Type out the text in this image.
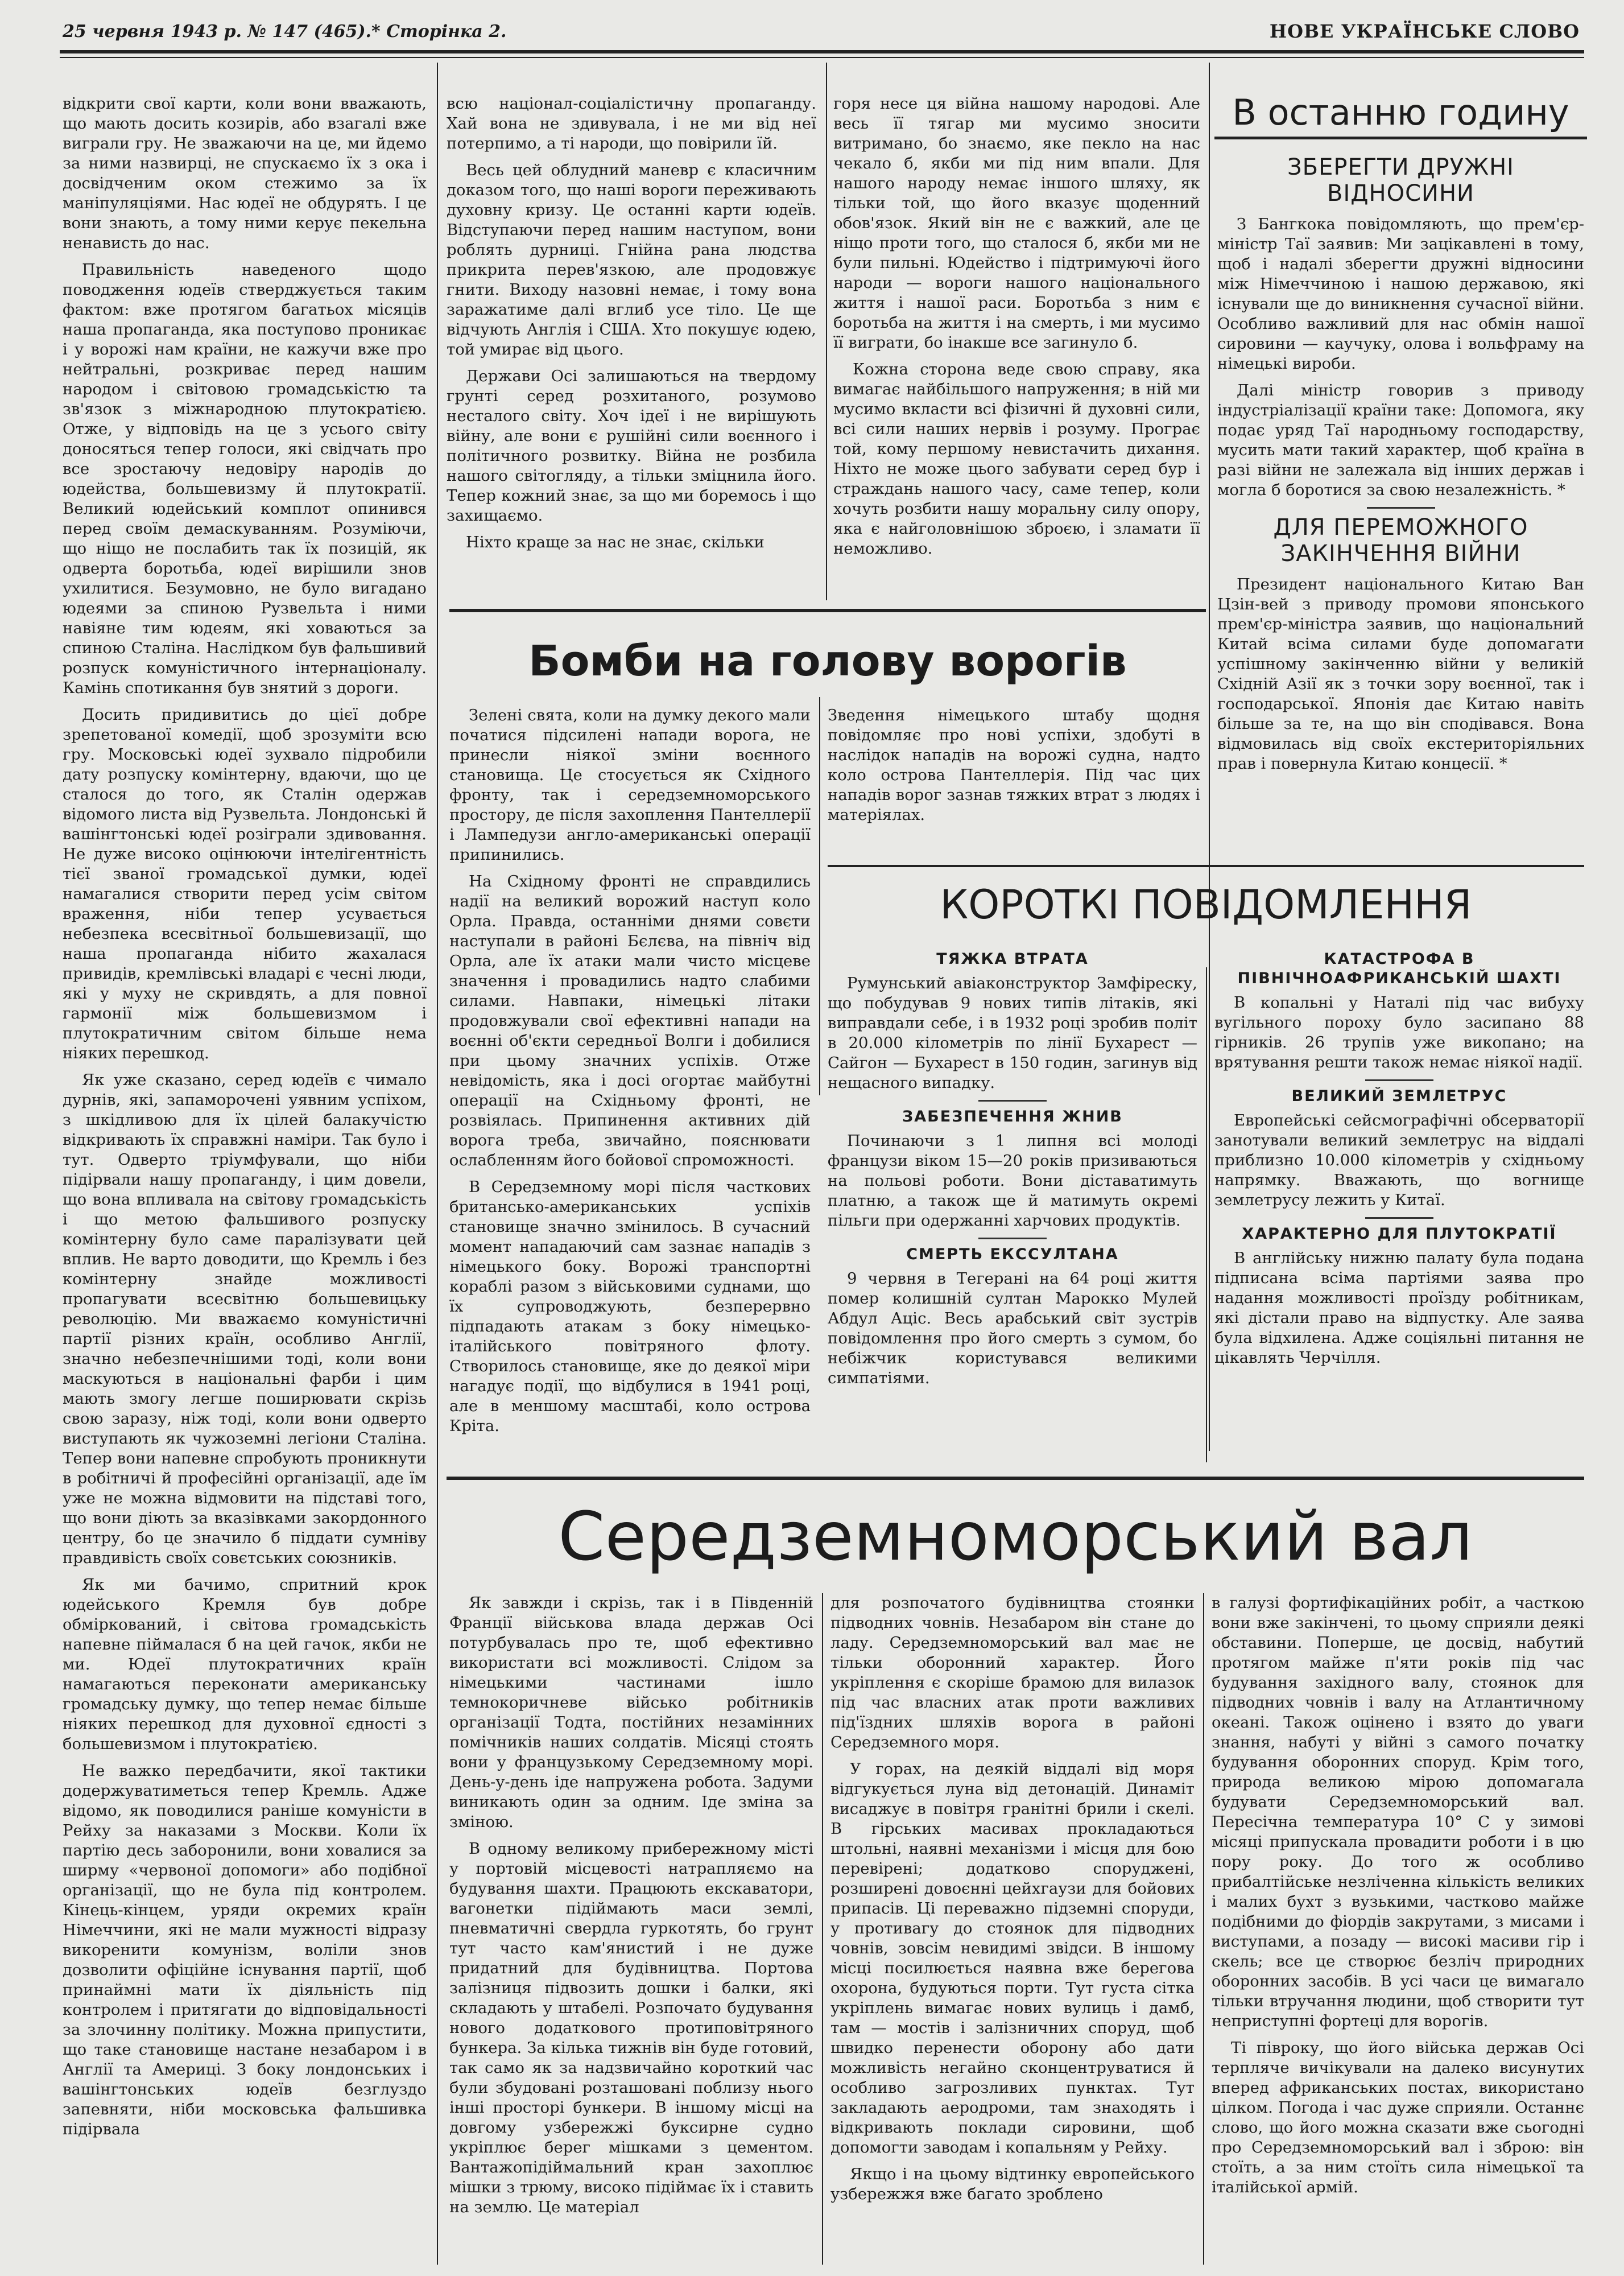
25 червня 1943 р. № 147 (465).* Сторінка 2.	НОВЕ УКРАЇНСЬКЕ СЛОВО

відкрити свої карти, коли вони вважають, що мають досить козирів, або взагалі вже виграли гру. Не зважаючи на це, ми йдемо за ними назвирці, не спускаємо їх з ока і досвідченим оком стежимо за їх маніпуляціями. Нас юдеї не обдурять. І це вони знають, а тому ними керує пекельна ненависть до нас.

Правильність наведеного щодо поводження юдеїв стверджується таким фактом: вже протягом багатьох місяців наша пропаганда, яка поступово проникає і у ворожі нам країни, не кажучи вже про нейтральні, розкриває перед нашим народом і світовою громадськістю та зв'язок з міжнародною плутократією. Отже, у відповідь на це з усього світу доносяться тепер голоси, які свідчать про все зростаючу недовіру народів до юдейства, большевизму й плутократії. Великий юдейський комплот опинився перед своїм демаскуванням. Розуміючи, що ніщо не послабить так їх позицій, як одверта боротьба, юдеї вирішили знов ухилитися. Безумовно, не було вигадано юдеями за спиною Рузвельта і ними навіяне тим юдеям, які ховаються за спиною Сталіна. Наслідком був фальшивий розпуск комуністичного інтернаціоналу. Камінь спотикання був знятий з дороги.

Досить придивитись до цієї добре зрепетованої комедії, щоб зрозуміти всю гру. Московські юдеї зухвало підробили дату розпуску комінтерну, вдаючи, що це сталося до того, як Сталін одержав відомого листа від Рузвельта. Лондонські й вашінгтонські юдеї розіграли здивовання. Не дуже високо оцінюючи інтелігентність тієї званої громадської думки, юдеї намагалися створити перед усім світом враження, ніби тепер усувається небезпека всесвітньої большевизації, що наша пропаганда нібито жахалася привидів, кремлівські владарі є чесні люди, які у муху не скривдять, а для повної гармонії між большевизмом і плутократичним світом більше нема ніяких перешкод.

Як уже сказано, серед юдеїв є чимало дурнів, які, запаморочені уявним успіхом, з шкідливою для їх цілей балакучістю відкривають їх справжні наміри. Так було і тут. Одверто тріумфували, що ніби підірвали нашу пропаганду, і цим довели, що вона впливала на світову громадськість і що метою фальшивого розпуску комінтерну було саме паралізувати цей вплив. Не варто доводити, що Кремль і без комінтерну знайде можливості пропагувати всесвітню большевицьку революцію. Ми вважаємо комуністичні партії різних країн, особливо Англії, значно небезпечнішими тоді, коли вони маскуються в національні фарби і цим мають змогу легше поширювати скрізь свою заразу, ніж тоді, коли вони одверто виступають як чужоземні легіони Сталіна. Тепер вони напевне спробують проникнути в робітничі й професійні організації, аде їм уже не можна відмовити на підставі того, що вони діють за вказівками закордонного центру, бо це значило б піддати сумніву правдивість своїх совєтських союзників.

Як ми бачимо, спритний крок юдейського Кремля був добре обміркований, і світова громадськість напевне піймалася б на цей гачок, якби не ми. Юдеї плутократичних країн намагаються переконати американську громадську думку, що тепер немає більше ніяких перешкод для духовної єдності з большевизмом і плутократією.

Не важко передбачити, якої тактики додержуватиметься тепер Кремль. Адже відомо, як поводилися раніше комуністи в Рейху за наказами з Москви. Коли їх партію десь заборонили, вони ховалися за ширму «червоної допомоги» або подібної організації, що не була під контролем. Кінець-кінцем, уряди окремих країн Німеччини, які не мали мужності відразу викоренити комунізм, воліли знов дозволити офіційне існування партії, щоб принаймні мати їх діяльність під контролем і притягати до відповідальності за злочинну політику. Можна припустити, що таке становище настане незабаром і в Англії та Америці. З боку лондонських і вашінгтонських юдеїв безглуздо запевняти, ніби московська фальшивка підірвала

всю націонал-соціалістичну пропаганду. Хай вона не здивувала, і не ми від неї потерпимо, а ті народи, що повірили їй.

Весь цей облудний маневр є класичним доказом того, що наші вороги переживають духовну кризу. Це останні карти юдеїв. Відступаючи перед нашим наступом, вони роблять дурниці. Гнійна рана людства прикрита перев'язкою, але продовжує гнити. Виходу назовні немає, і тому вона заражатиме далі вглиб усе тіло. Це ще відчують Англія і США. Хто покушує юдею, той умирає від цього.

Держави Осі залишаються на твердому грунті серед розхитаного, розумово несталого світу. Хоч ідеї і не вирішують війну, але вони є рушійні сили воєнного і політичного розвитку. Війна не розбила нашого світогляду, а тільки зміцнила його. Тепер кожний знає, за що ми боремось і що захищаємо.

Ніхто краще за нас не знає, скільки

горя несе ця війна нашому народові. Але весь її тягар ми мусимо зносити витримано, бо знаємо, яке пекло на нас чекало б, якби ми під ним впали. Для нашого народу немає іншого шляху, як тільки той, що його вказує щоденний обов'язок. Який він не є важкий, але це ніщо проти того, що сталося б, якби ми не були пильні. Юдейство і підтримуючі його народи — вороги нашого національного життя і нашої раси. Боротьба з ним є боротьба на життя і на смерть, і ми мусимо її виграти, бо інакше все загинуло б.

Кожна сторона веде свою справу, яка вимагає найбільшого напруження; в ній ми мусимо вкласти всі фізичні й духовні сили, всі сили наших нервів і розуму. Програє той, кому першому невистачить дихання. Ніхто не може цього забувати серед бур і страждань нашого часу, саме тепер, коли хочуть розбити нашу моральну силу опору, яка є найголовнішою зброєю, і зламати її неможливо.

В останню годину
ЗБЕРЕГТИ ДРУЖНІ ВІДНОСИНИ

З Бангкока повідомляють, що прем'єр-міністр Таї заявив: Ми зацікавлені в тому, щоб і надалі зберегти дружні відносини між Німеччиною і нашою державою, які існували ще до виникнення сучасної війни. Особливо важливий для нас обмін нашої сировини — каучуку, олова і вольфраму на німецькі вироби.

Далі міністр говорив з приводу індустріалізації країни таке: Допомога, яку подає уряд Таї народньому господарству, мусить мати такий характер, щоб країна в разі війни не залежала від інших держав і могла б боротися за свою незалежність. *

ДЛЯ ПЕРЕМОЖНОГО ЗАКІНЧЕННЯ ВІЙНИ

Президент національного Китаю Ван Цзін-вей з приводу промови японського прем'єр-міністра заявив, що національний Китай всіма силами буде допомагати успішному закінченню війни у великій Східній Азії як з точки зору воєнної, так і господарської. Японія дає Китаю навіть більше за те, на що він сподівався. Вона відмовилась від своїх екстериторіяльних прав і повернула Китаю концесії. *

Бомби на голову ворогів

Зелені свята, коли на думку декого мали початися підсилені напади ворога, не принесли ніякої зміни воєнного становища. Це стосується як Східного фронту, так і середземноморського простору, де після захоплення Пантеллерії і Лампедузи англо-американські операції припинились.

На Східному фронті не справдились надії на великий ворожий наступ коло Орла. Правда, останніми днями совєти наступали в районі Бєлєва, на північ від Орла, але їх атаки мали чисто місцеве значення і провадились надто слабими силами. Навпаки, німецькі літаки продовжували свої ефективні напади на воєнні об'єкти середньої Волги і добилися при цьому значних успіхів. Отже невідомість, яка і досі огортає майбутні операції на Східньому фронті, не розвіялась. Припинення активних дій ворога треба, звичайно, пояснювати ослабленням його бойової спроможності.

В Середземному морі після часткових британсько-американських успіхів становище значно змінилось. В сучасний момент нападаючий сам зазнає нападів з німецького боку. Ворожі транспортні кораблі разом з військовими суднами, що їх супроводжують, безперервно підпадають атакам з боку німецько-італійського повітряного флоту. Створилось становище, яке до деякої міри нагадує події, що відбулися в 1941 році, але в меншому масштабі, коло острова Кріта.

Зведення німецького штабу щодня повідомляє про нові успіхи, здобуті в наслідок нападів на ворожі судна, надто коло острова Пантеллерія. Під час цих нападів ворог зазнав тяжких втрат з людях і матеріялах.

КОРОТКІ ПОВІДОМЛЕННЯ
ТЯЖКА ВТРАТА

Румунський авіаконструктор Замфіреску, що побудував 9 нових типів літаків, які виправдали себе, і в 1932 році зробив політ в 20.000 кілометрів по лінії Бухарест — Сайгон — Бухарест в 150 годин, загинув від нещасного випадку.

ЗАБЕЗПЕЧЕННЯ ЖНИВ

Починаючи з 1 липня всі молоді французи віком 15—20 років призиваються на польові роботи. Вони діставатимуть платню, а також ще й матимуть окремі пільги при одержанні харчових продуктів.

СМЕРТЬ ЕКССУЛТАНА

9 червня в Тегерані на 64 році життя помер колишній султан Марокко Мулей Абдул Ацiс. Весь арабський світ зустрів повідомлення про його смерть з сумом, бо небіжчик користувався великими симпатіями.

КАТАСТРОФА В ПІВНІЧНОАФРИКАНСЬКІЙ ШАХТІ

В копальні у Наталі під час вибуху вугільного пороху було засипано 88 гірників. 26 трупів уже викопано; на врятування решти також немає ніякої надії.

ВЕЛИКИЙ ЗЕМЛЕТРУС

Европейські сейсмографічні обсерваторії занотували великий землетрус на віддалі приблизно 10.000 кілометрів у східньому напрямку. Вважають, що вогнище землетрусу лежить у Китаї.

ХАРАКТЕРНО ДЛЯ ПЛУТОКРАТІЇ

В англійську нижню палату була подана підписана всіма партіями заява про надання можливості проїзду робітникам, які дістали право на відпустку. Але заява була відхилена. Адже соціяльні питання не цікавлять Черчілля.

Середземноморський вал

Як завжди і скрізь, так і в Південній Франції військова влада держав Осі потурбувалась про те, щоб ефективно використати всі можливості. Слідом за німецькими частинами ішло темнокоричневе військо робітників організації Тодта, постійних незамінних помічників наших солдатів. Місяці стоять вони у французькому Середземному морі. День-у-день іде напружена робота. Задуми виникають один за одним. Іде зміна за зміною.

В одному великому прибережному місті у портовій місцевості натрапляємо на будування шахти. Працюють екскаватори, вагонетки підіймають маси землі, пневматичні свердла гуркотять, бо грунт тут часто кам'янистий і не дуже придатний для будівництва. Портова залізниця підвозить дошки і балки, які складають у штабелі. Розпочато будування нового додаткового протиповітряного бункера. За кілька тижнів він буде готовий, так само як за надзвичайно короткий час були збудовані розташовані поблизу нього інші просторі бункери. В іншому місці на довгому узбережжі буксирне судно укріплює берег мішками з цементом. Вантажопідіймальний кран захоплює мішки з трюму, високо підіймає їх і ставить на землю. Це матеріал

для розпочатого будівництва стоянки підводних човнів. Незабаром він стане до ладу. Середземноморський вал має не тільки оборонний характер. Його укріплення є скоріше брамою для вилазок під час власних атак проти важливих під'їздних шляхів ворога в районі Середземного моря.

У горах, на деякій віддалі від моря відгукується луна від детонацій. Динаміт висаджує в повітря гранітні брили і скелі. В гірських масивах прокладаються штольні, наявні механізми і місця для бою перевірені; додатково споруджені, розширені довоєнні цейхгаузи для бойових припасів. Ці переважно підземні споруди, у противагу до стоянок для підводних човнів, зовсім невидимі звідси. В іншому місці посилюється наявна вже берегова охорона, будуються порти. Тут густа сітка укріплень вимагає нових вулиць і дамб, там — мостів і залізничних споруд, щоб швидко перенести оборону або дати можливість негайно сконцентруватися й особливо загрозливих пунктах. Тут закладають аеродроми, там знаходять і відкривають поклади сировини, щоб допомогти заводам і копальням у Рейху.

Якщо і на цьому відтинку европейського узбережжя вже багато зроблено

в галузі фортифікаційних робіт, а часткою вони вже закінчені, то цьому сприяли деякі обставини. Поперше, це досвід, набутий протягом майже п'яти років під час будування західного валу, стоянок для підводних човнів і валу на Атлантичному океані. Також оцінено і взято до уваги знання, набуті у війні з самого початку будування оборонних споруд. Крім того, природа великою мірою допомагала будувати Середземноморський вал. Пересічна температура 10° С у зимові місяці припускала провадити роботи і в цю пору року. До того ж особливо прибалтійське незліченна кількість великих і малих бухт з вузькими, частково майже подібними до фіордів закрутами, з мисами і виступами, а позаду — високі масиви гір і скель; все це створює безліч природних оборонних засобів. В усі часи це вимагало тільки втручання людини, щоб створити тут неприступні фортеці для ворогів.

Ті півроку, що його війська держав Осі терпляче вичікували на далеко висунутих вперед африканських постах, використано цілком. Погода і час дуже сприяли. Останнє слово, що його можна сказати вже сьогодні про Середземноморський вал і зброю: він стоїть, а за ним стоїть сила німецької та італійської армій.
